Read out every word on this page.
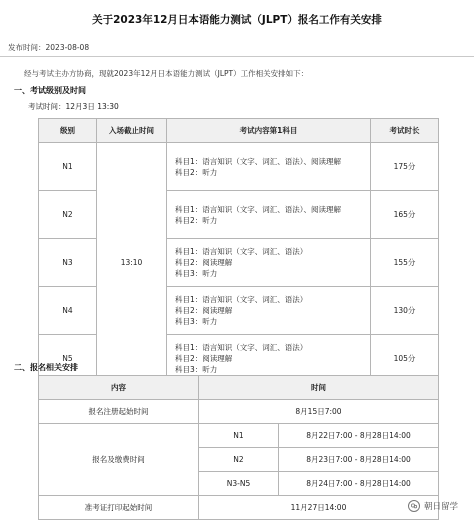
关于2023年12月日本语能力测试（JLPT）报名工作有关安排
发布时间：2023-08-08
经与考试主办方协商，现就2023年12月日本语能力测试（JLPT）工作相关安排如下：
一、考试级别及时间
考试时间：12月3日 13:30
级别	入场截止时间	考试内容第1科目	考试时长
N1	13:10	科目1：语言知识（文字、词汇、语法）、阅读理解
科目2：听力	175分
N2		科目1：语言知识（文字、词汇、语法）、阅读理解
科目2：听力	165分
N3		科目1：语言知识（文字、词汇、语法）
科目2：阅读理解
科目3：听力	155分
N4		科目1：语言知识（文字、词汇、语法）
科目2：阅读理解
科目3：听力	130分
N5		科目1：语言知识（文字、词汇、语法）
科目2：阅读理解
科目3：听力	105分
二、报名相关安排
内容	时间	
报名注册起始时间	8月15日7:00	
报名及缴费时间	N1	8月22日7:00 - 8月28日14:00
	N2	8月23日7:00 - 8月28日14:00
	N3-N5	8月24日7:00 - 8月28日14:00
准考证打印起始时间	11月27日14:00		朝日留学
